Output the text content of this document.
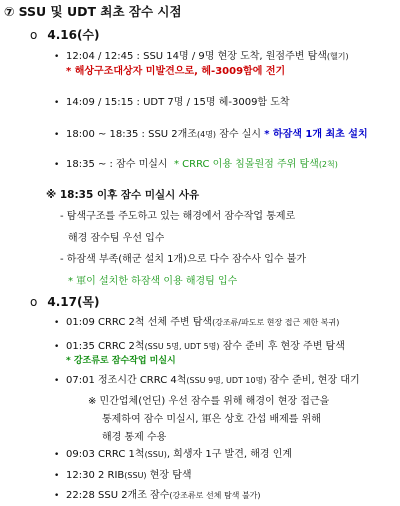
⑦ SSU 및 UDT 최초 잠수 시점
o 4.16(수)
• 12:04 / 12:45 : SSU 14명 / 9명 현장 도착, 원점주변 탐색(헬기)
* 해상구조대상자 미발견으로, 헤-3009함에 전기
• 14:09 / 15:15 : UDT 7명 / 15명 헤-3009함 도착
• 18:00 ~ 18:35 : SSU 2개조(4명) 잠수 실시 * 하잠색 1개 최초 설치
• 18:35 ~ : 잠수 미실시 * CRRC 이용 침몰원점 주위 탐색(2척)
※ 18:35 이후 잠수 미실시 사유
- 탐색구조를 주도하고 있는 해경에서 잠수작업 통제로
해경 잠수팀 우선 입수
- 하잠색 부족(해군 설치 1개)으로 다수 잠수사 입수 불가
* 軍이 설치한 하잠색 이용 해경팀 입수
o 4.17(목)
• 01:09 CRRC 2척 선체 주변 탐색(강조류/파도로 현장 접근 제한 복귀)
• 01:35 CRRC 2척(SSU 5명, UDT 5명) 잠수 준비 후 현장 주변 탐색
* 강조류로 잠수작업 미실시
• 07:01 정조시간 CRRC 4척(SSU 9명, UDT 10명) 잠수 준비, 현장 대기
※ 민간업체(언딘) 우선 잠수를 위해 해경이 현장 접근을
통제하여 잠수 미실시, 軍은 상호 간섭 배제를 위해
해경 통제 수용
• 09:03 CRRC 1척(SSU), 희생자 1구 발견, 해경 인계
• 12:30 2 RIB(SSU) 현장 탐색
• 22:28 SSU 2개조 잠수(강조류로 선체 탐색 불가)
